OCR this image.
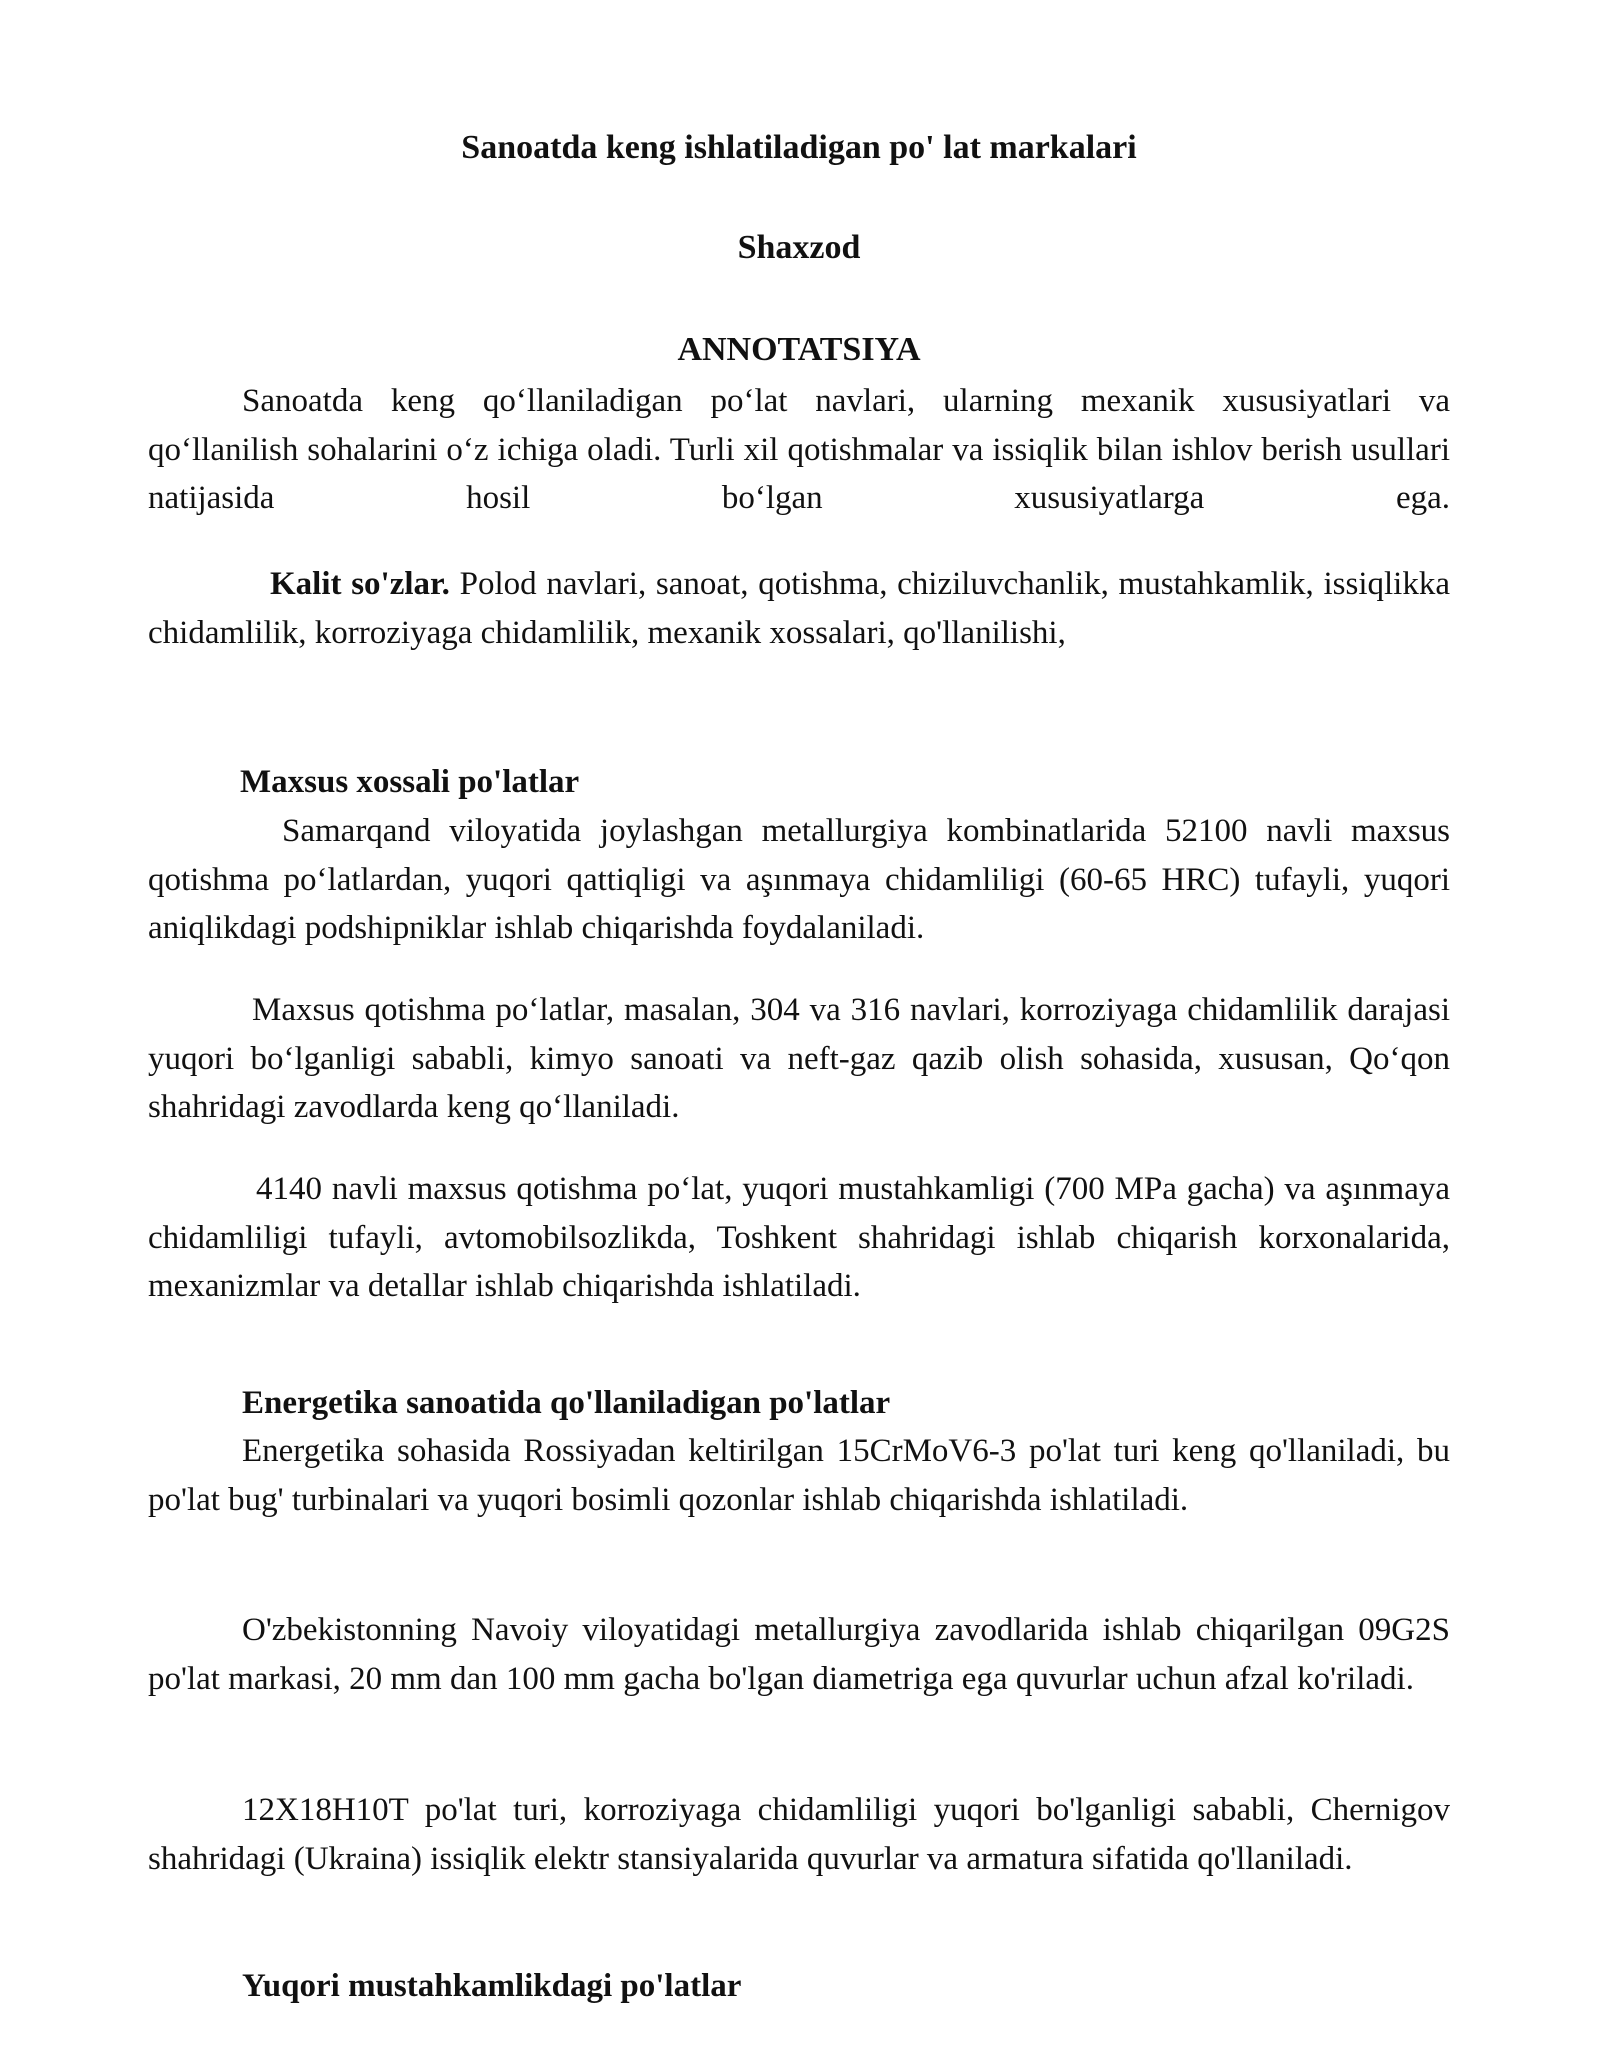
Sanoatda keng ishlatiladigan po' lat markalari

Shaxzod

ANNOTATSIYA

Sanoatda keng qo‘llaniladigan po‘lat navlari, ularning mexanik xususiyatlari va qo‘llanilish sohalarini o‘z ichiga oladi. Turli xil qotishmalar va issiqlik bilan ishlov berish usullari natijasida hosil bo‘lgan xususiyatlarga ega.

Kalit so'zlar. Polod navlari, sanoat, qotishma, chiziluvchanlik, mustahkamlik, issiqlikka chidamlilik, korroziyaga chidamlilik, mexanik xossalari, qo'llanilishi,

Maxsus xossali po'latlar

Samarqand viloyatida joylashgan metallurgiya kombinatlarida 52100 navli maxsus qotishma po‘latlardan, yuqori qattiqligi va aşınmaya chidamliligi (60-65 HRC) tufayli, yuqori aniqlikdagi podshipniklar ishlab chiqarishda foydalaniladi.

Maxsus qotishma po‘latlar, masalan, 304 va 316 navlari, korroziyaga chidamlilik darajasi yuqori bo‘lganligi sababli, kimyo sanoati va neft-gaz qazib olish sohasida, xususan, Qo‘qon shahridagi zavodlarda keng qo‘llaniladi.

4140 navli maxsus qotishma po‘lat, yuqori mustahkamligi (700 MPa gacha) va aşınmaya chidamliligi tufayli, avtomobilsozlikda, Toshkent shahridagi ishlab chiqarish korxonalarida, mexanizmlar va detallar ishlab chiqarishda ishlatiladi.

Energetika sanoatida qo'llaniladigan po'latlar

Energetika sohasida Rossiyadan keltirilgan 15CrMoV6-3 po'lat turi keng qo'llaniladi, bu po'lat bug' turbinalari va yuqori bosimli qozonlar ishlab chiqarishda ishlatiladi.

O'zbekistonning Navoiy viloyatidagi metallurgiya zavodlarida ishlab chiqarilgan 09G2S po'lat markasi, 20 mm dan 100 mm gacha bo'lgan diametriga ega quvurlar uchun afzal ko'riladi.

12X18H10T po'lat turi, korroziyaga chidamliligi yuqori bo'lganligi sababli, Chernigov shahridagi (Ukraina) issiqlik elektr stansiyalarida quvurlar va armatura sifatida qo'llaniladi.

Yuqori mustahkamlikdagi po'latlar
